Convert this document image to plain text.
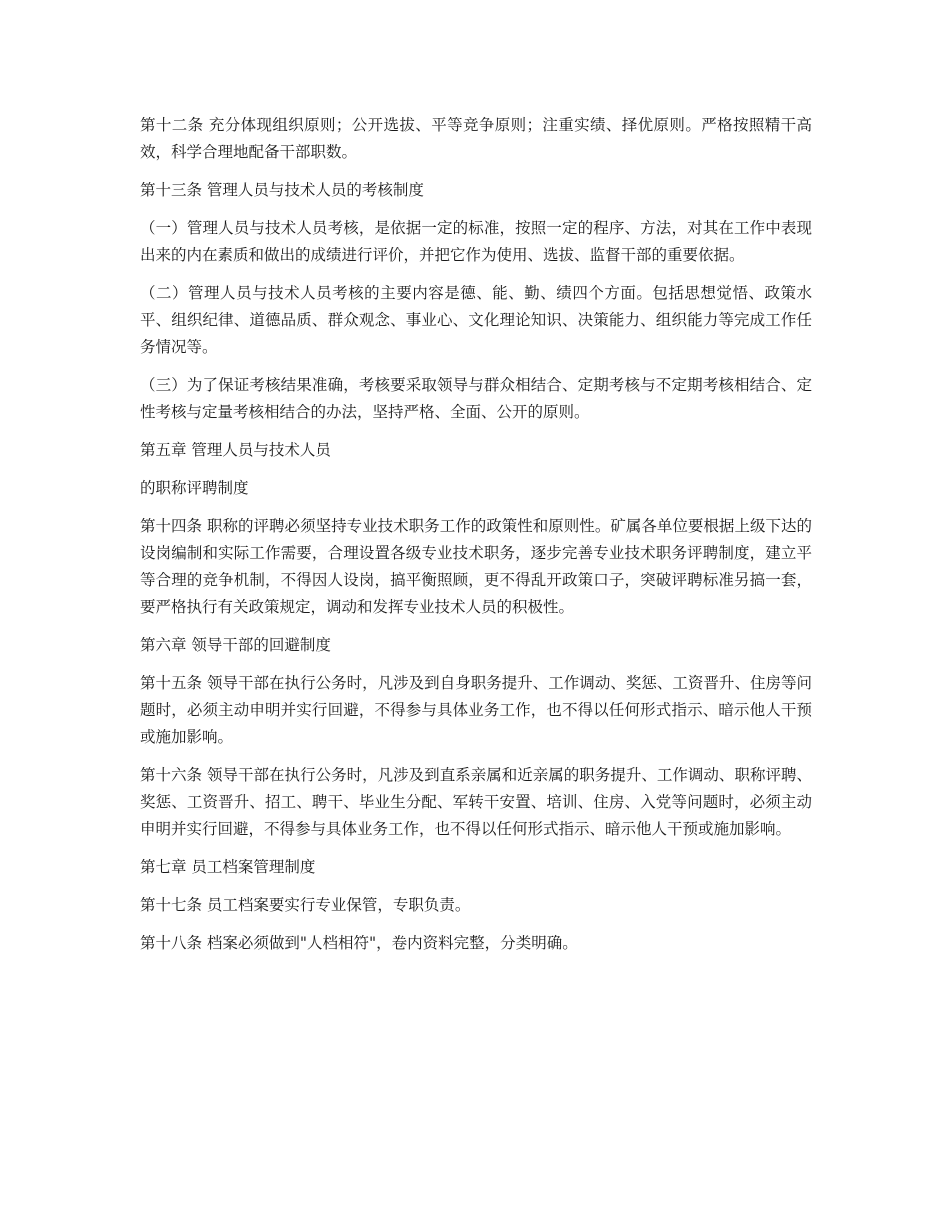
第十二条 充分体现组织原则；公开选拔、平等竞争原则；注重实绩、择优原则。严格按照精干高效，科学合理地配备干部职数。

第十三条 管理人员与技术人员的考核制度

（一）管理人员与技术人员考核，是依据一定的标准，按照一定的程序、方法，对其在工作中表现出来的内在素质和做出的成绩进行评价，并把它作为使用、选拔、监督干部的重要依据。

（二）管理人员与技术人员考核的主要内容是德、能、勤、绩四个方面。包括思想觉悟、政策水平、组织纪律、道德品质、群众观念、事业心、文化理论知识、决策能力、组织能力等完成工作任务情况等。

（三）为了保证考核结果准确，考核要采取领导与群众相结合、定期考核与不定期考核相结合、定性考核与定量考核相结合的办法，坚持严格、全面、公开的原则。

第五章 管理人员与技术人员

的职称评聘制度

第十四条 职称的评聘必须坚持专业技术职务工作的政策性和原则性。矿属各单位要根据上级下达的设岗编制和实际工作需要，合理设置各级专业技术职务，逐步完善专业技术职务评聘制度，建立平等合理的竞争机制，不得因人设岗，搞平衡照顾，更不得乱开政策口子，突破评聘标准另搞一套，要严格执行有关政策规定，调动和发挥专业技术人员的积极性。

第六章 领导干部的回避制度

第十五条 领导干部在执行公务时，凡涉及到自身职务提升、工作调动、奖惩、工资晋升、住房等问题时，必须主动申明并实行回避，不得参与具体业务工作，也不得以任何形式指示、暗示他人干预或施加影响。

第十六条 领导干部在执行公务时，凡涉及到直系亲属和近亲属的职务提升、工作调动、职称评聘、奖惩、工资晋升、招工、聘干、毕业生分配、军转干安置、培训、住房、入党等问题时，必须主动申明并实行回避，不得参与具体业务工作，也不得以任何形式指示、暗示他人干预或施加影响。

第七章 员工档案管理制度

第十七条 员工档案要实行专业保管，专职负责。

第十八条 档案必须做到"人档相符"，卷内资料完整，分类明确。
